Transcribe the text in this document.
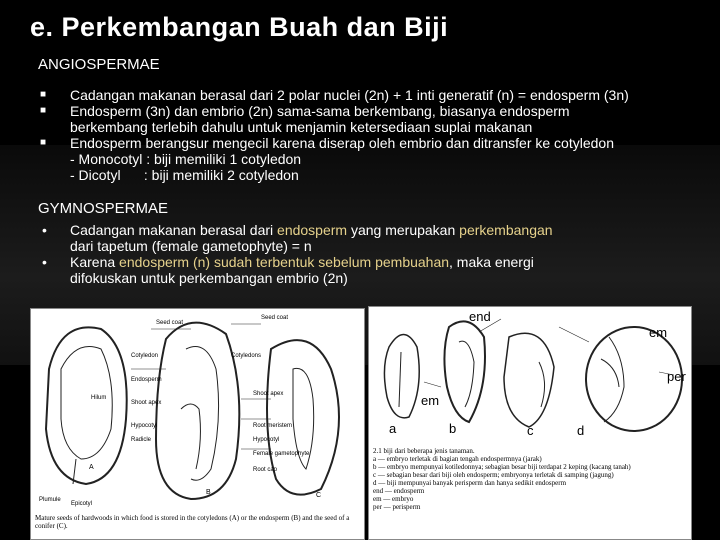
e. Perkembangan Buah dan Biji
ANGIOSPERMAE
■ Cadangan makanan berasal dari 2 polar nuclei (2n) + 1 inti generatif (n) = endosperm (3n)
■ Endosperm (3n) dan embrio (2n) sama-sama berkembang, biasanya endosperm
berkembang terlebih dahulu untuk menjamin ketersediaan suplai makanan
■ Endosperm berangsur mengecil karena diserap oleh embrio dan ditransfer ke cotyledon
- Monocotyl : biji memiliki 1 cotyledon
- Dicotyl      : biji memiliki 2 cotyledon
GYMNOSPERMAE
• Cadangan makanan berasal dari endosperm yang merupakan perkembangan
dari tapetum (female gametophyte) = n
• Karena endosperm (n) sudah terbentuk sebelum pembuahan, maka energi
difokuskan untuk perkembangan embrio (2n)
Seed coat
Seed coat
Cotyledon	Cotyledons
Endosperm
Shoot apex
Hilum
Shoot apex
Hypocotyl
Radicle
Root meristem
Hypocotyl
Female gametophyte
Plumule
Epicotyl
Root cap
A
B	C
Mature seeds of hardwoods in which food is stored in the cotyledons (A) or the endosperm (B) and the seed of a conifer (C).
end
em
em
per
a	b	c	d
2.1 biji dari beberapa jenis tanaman.
a — embryo terletak di bagian tengah endospermnya (jarak)
b — embryo mempunyai kotiledonnya; sebagian besar biji terdapat 2 keping (kacang tanah)
c — sebagian besar dari biji oleh endosperm; embryonya terletak di samping (jagung)
d — biji mempunyai banyak perisperm dan hanya sedikit endosperm
end — endosperm
em — embryo
per — perisperm
